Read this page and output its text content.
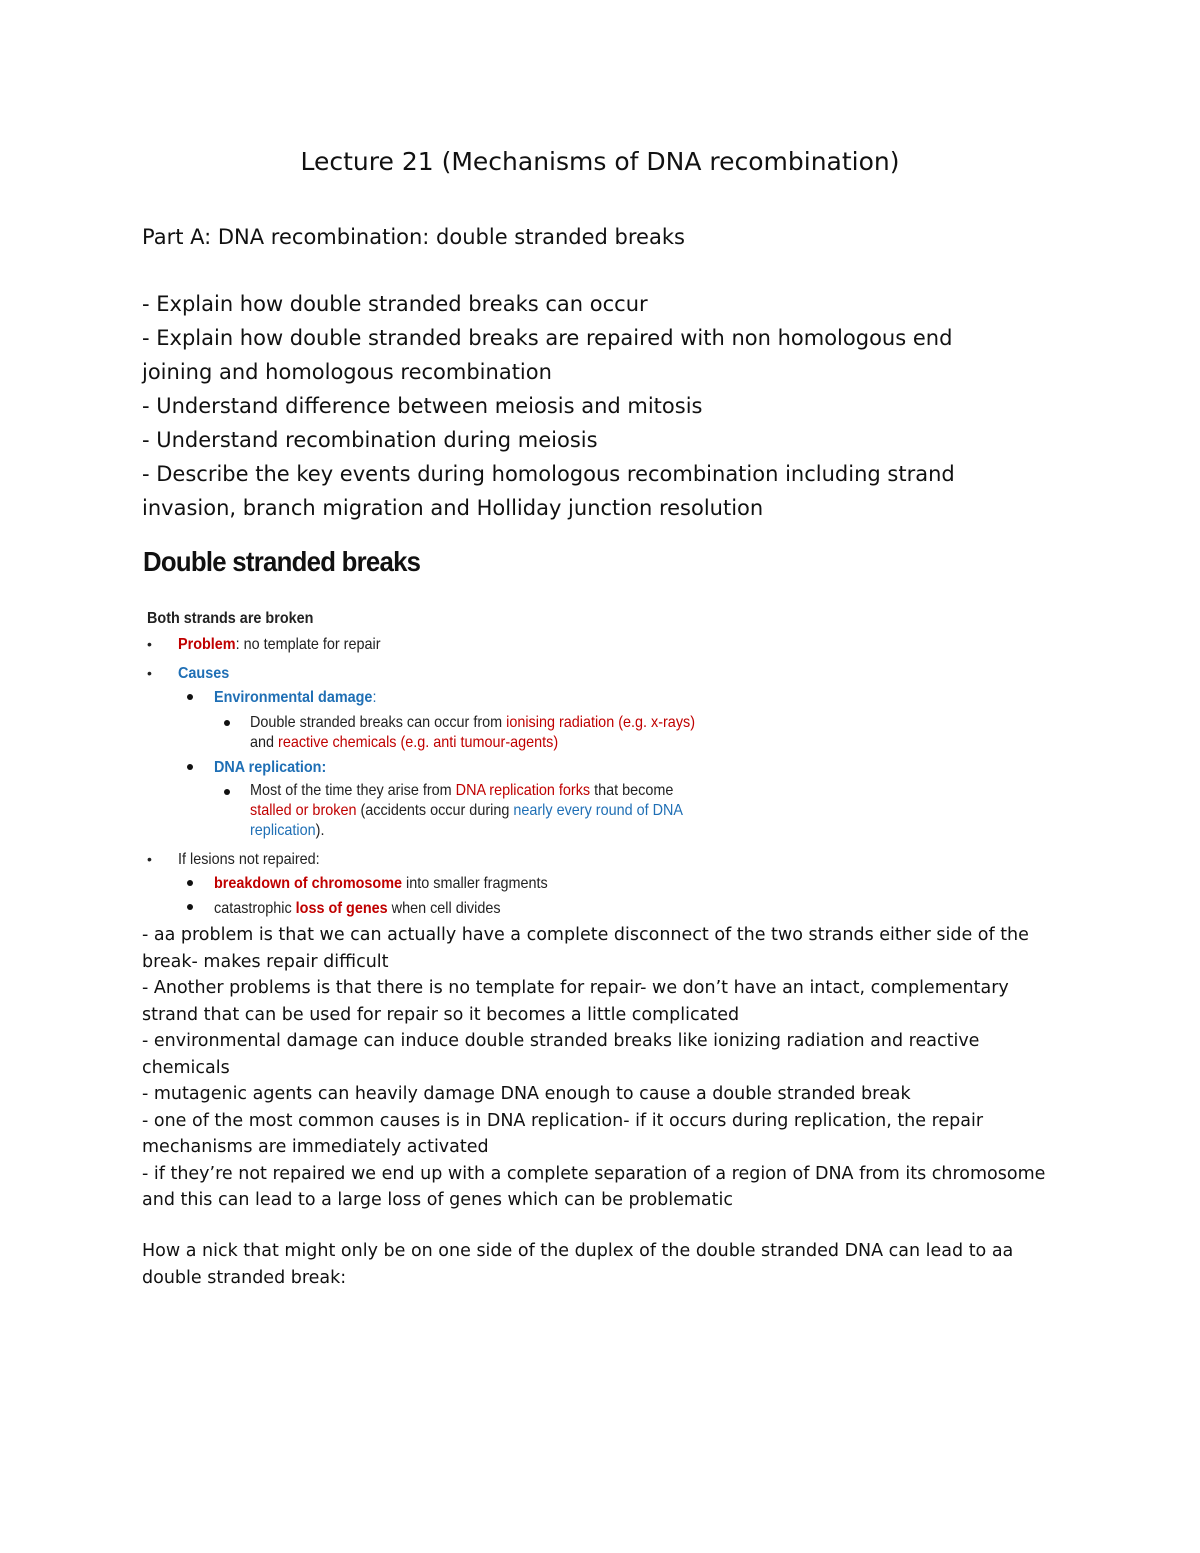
Lecture 21 (Mechanisms of DNA recombination)
Part A: DNA recombination: double stranded breaks
- Explain how double stranded breaks can occur
- Explain how double stranded breaks are repaired with non homologous end
joining and homologous recombination
- Understand difference between meiosis and mitosis
- Understand recombination during meiosis
- Describe the key events during homologous recombination including strand
invasion, branch migration and Holliday junction resolution
Double stranded breaks
Both strands are broken
• Problem: no template for repair
• Causes
Environmental damage:
Double stranded breaks can occur from ionising radiation (e.g. x-rays)
and reactive chemicals (e.g. anti tumour-agents)
DNA replication:
Most of the time they arise from DNA replication forks that become
stalled or broken (accidents occur during nearly every round of DNA
replication).
• If lesions not repaired:
breakdown of chromosome into smaller fragments
catastrophic loss of genes when cell divides
- aa problem is that we can actually have a complete disconnect of the two strands either side of the
break- makes repair difficult
- Another problems is that there is no template for repair- we don’t have an intact, complementary
strand that can be used for repair so it becomes a little complicated
- environmental damage can induce double stranded breaks like ionizing radiation and reactive
chemicals
- mutagenic agents can heavily damage DNA enough to cause a double stranded break
- one of the most common causes is in DNA replication- if it occurs during replication, the repair
mechanisms are immediately activated
- if they’re not repaired we end up with a complete separation of a region of DNA from its chromosome
and this can lead to a large loss of genes which can be problematic
How a nick that might only be on one side of the duplex of the double stranded DNA can lead to aa
double stranded break:
